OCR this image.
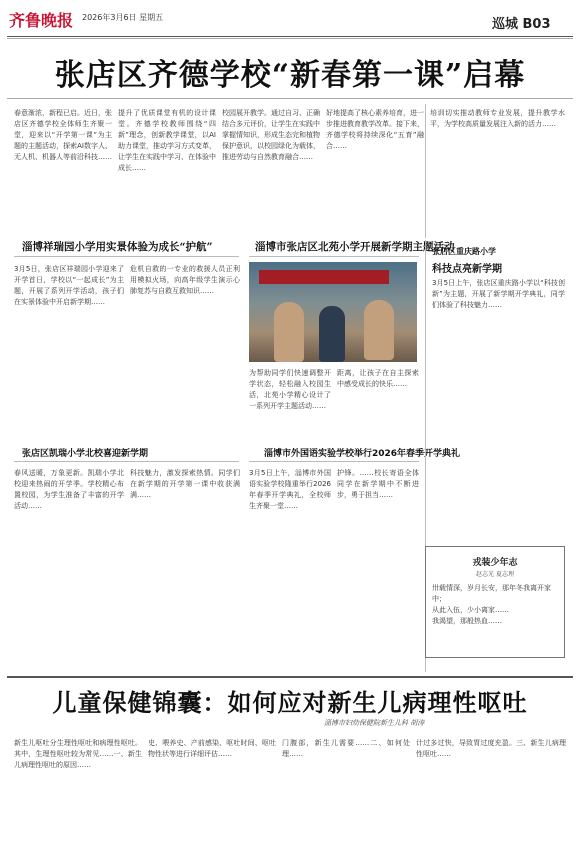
齐鲁晚报 2026年3月6日 星期五	巡城 B03
张店区齐德学校“新春第一课”启幕
春意渐浓，新程已启。近日，张店区齐德学校全体师生齐聚一堂，迎来以“开学第一课”为主题的主题活动，探索AI数字人、无人机、机器人等前沿科技……
提升了优质课堂有机的设计课堂。齐德学校教师围绕“四新”理念，创新教学课堂，以AI助力课堂，推动学习方式变革，让学生在实践中学习、在体验中成长……
校园展开教学。通过自习、正确结合多元评价，让学生在实践中掌握情知识，形成生态完和植物保护意识，以校园绿化为载体，推进劳动与自然教育融合……
好地提高了核心素养培育，进一步推进教育教学改革。接下来，齐德学校将持续深化“五育”融合……
培训切实推动教师专业发展，提升教学水平，为学校高质量发展注入新的活力……
淄博祥瑞园小学用实景体验为成长“护航”	淄博市张店区北苑小学开展新学期主题活动
3月5日，张店区祥瑞园小学迎来了开学首日，学校以“一起成长”为主题，开展了系列开学活动，孩子们在实景体验中开启新学期……
危机自救的一专业的救援人员正利用模拟火场，向高年级学生演示心肺复苏与自救互救知识……
为帮助同学们快速调整开学状态，轻松融入校园生活，北苑小学精心设计了一系列开学主题活动……
距离，让孩子在自主探索中感受成长的快乐……
张店区凯瑞小学北校喜迎新学期	淄博市外国语实验学校举行2026年春季开学典礼
春风送暖，万象更新。凯瑞小学北校迎来热闹的开学季。学校精心布置校园，为学生准备了丰富的开学活动……
科技魅力，激发探索热情。同学们在新学期的开学第一课中收获满满……
3月5日上午，淄博市外国语实验学校隆重举行2026年春季开学典礼，全校师生齐聚一堂……
护锋。……校长寄语全体同学在新学期中不断进步，勇于担当……
张店区重庆路小学
科技点亮新学期
3月5日上午，张店区重庆路小学以“科技创新”为主题，开展了新学期开学典礼，同学们体验了科技魅力……
戎装少年志
赵志光 夏志理
卅载情深，岁月长安，那年冬我离开家中；
从此入伍，少小离家……
我渴望，那般热血……
儿童保健锦囊：如何应对新生儿病理性呕吐
淄博市妇幼保健院新生儿科 胡涛
新生儿呕吐分生理性呕吐和病理性呕吐。其中，生理性呕吐较为常见……一、新生儿病理性呕吐的原因……
史、喂养史、产前感染、呕吐时间、呕吐物性状等进行详细评估……
门腹部，新生儿需要……二、如何处理……
计过多过快，导致胃过度充盈。三、新生儿病理性呕吐……
